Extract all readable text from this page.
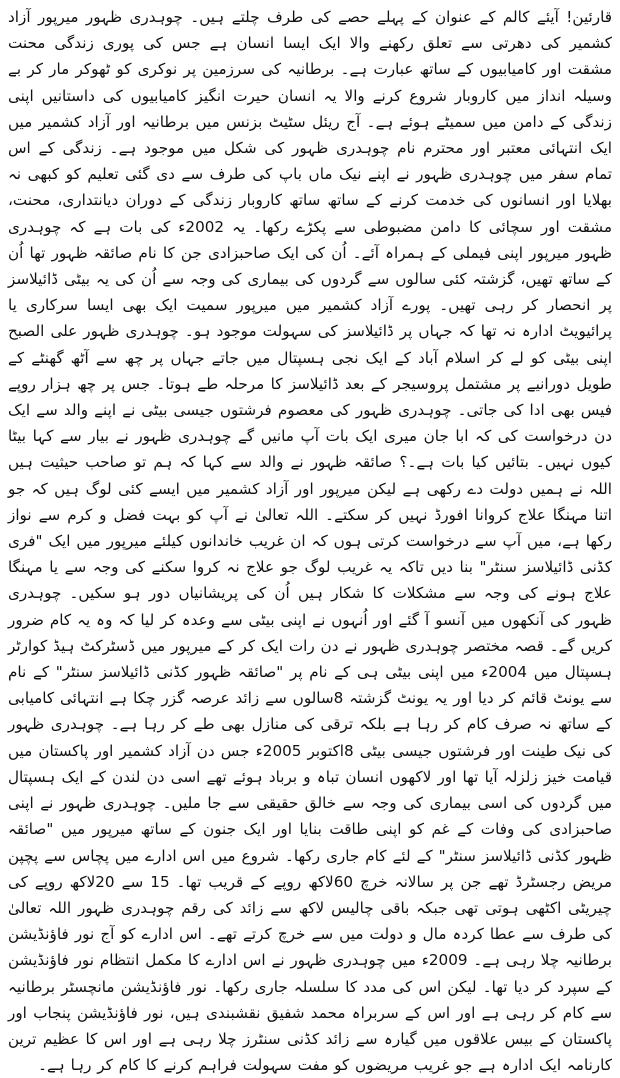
قارئین! آیئے کالم کے عنوان کے پہلے حصے کی طرف چلتے ہیں۔ چوہدری ظہور میرپور آزاد کشمیر کی دھرتی سے تعلق رکھنے والا ایک ایسا انسان ہے جس کی پوری زندگی محنت مشقت اور کامیابیوں کے ساتھ عبارت ہے۔ برطانیہ کی سرزمین پر نوکری کو ٹھوکر مار کر بے وسیلہ انداز میں کاروبار شروع کرنے والا یہ انسان حیرت انگیز کامیابیوں کی داستانیں اپنی زندگی کے دامن میں سمیٹے ہوئے ہے۔ آج ریئل سٹیٹ بزنس میں برطانیہ اور آزاد کشمیر میں ایک انتہائی معتبر اور محترم نام چوہدری ظہور کی شکل میں موجود ہے۔ زندگی کے اس تمام سفر میں چوہدری ظہور نے اپنے نیک ماں باپ کی طرف سے دی گئی تعلیم کو کبھی نہ بھلایا اور انسانوں کی خدمت کرنے کے ساتھ ساتھ کاروبار زندگی کے دوران دیانتداری، محنت، مشقت اور سچائی کا دامن مضبوطی سے پکڑے رکھا۔ یہ 2002ء کی بات ہے کہ چوہدری ظہور میرپور اپنی فیملی کے ہمراہ آئے۔ اُن کی ایک صاحبزادی جن کا نام صائقہ ظہور تھا اُن کے ساتھ تھیں، گزشتہ کئی سالوں سے گردوں کی بیماری کی وجہ سے اُن کی یہ بیٹی ڈائیلاسز پر انحصار کر رہی تھیں۔ پورے آزاد کشمیر میں میرپور سمیت ایک بھی ایسا سرکاری یا پرائیویٹ ادارہ نہ تھا کہ جہاں پر ڈائیلاسز کی سہولت موجود ہو۔ چوہدری ظہور علی الصبح اپنی بیٹی کو لے کر اسلام آباد کے ایک نجی ہسپتال میں جاتے جہاں پر چھ سے آٹھ گھنٹے کے طویل دورانیے پر مشتمل پروسیجر کے بعد ڈائیلاسز کا مرحلہ طے ہوتا۔ جس پر چھ ہزار روپے فیس بھی ادا کی جاتی۔ چوہدری ظہور کی معصوم فرشتوں جیسی بیٹی نے اپنے والد سے ایک دن درخواست کی کہ ابا جان میری ایک بات آپ مانیں گے چوہدری ظہور نے بیار سے کہا بیٹا کیوں نہیں۔ بتائیں کیا بات ہے۔؟ صائقہ ظہور نے والد سے کہا کہ ہم تو صاحب حیثیت ہیں اللہ نے ہمیں دولت دے رکھی ہے لیکن میرپور اور آزاد کشمیر میں ایسے کئی لوگ ہیں کہ جو اتنا مہنگا علاج کروانا افورڈ نہیں کر سکتے۔ اللہ تعالیٰ نے آپ کو بہت فضل و کرم سے نواز رکھا ہے، میں آپ سے درخواست کرتی ہوں کہ ان غریب خاندانوں کیلئے میرپور میں ایک "فری کڈنی ڈائیلاسز سنٹر" بنا دیں تاکہ یہ غریب لوگ جو علاج نہ کروا سکنے کی وجہ سے یا مہنگا علاج ہونے کی وجہ سے مشکلات کا شکار ہیں اُن کی پریشانیاں دور ہو سکیں۔ چوہدری ظہور کی آنکھوں میں آنسو آ گئے اور اُنہوں نے اپنی بیٹی سے وعدہ کر لیا کہ وہ یہ کام ضرور کریں گے۔ قصہ مختصر چوہدری ظہور نے دن رات ایک کر کے میرپور میں ڈسٹرکٹ ہیڈ کوارٹر ہسپتال میں 2004ء میں اپنی بیٹی ہی کے نام پر "صائقہ ظہور کڈنی ڈائیلاسز سنٹر" کے نام سے یونٹ قائم کر دیا اور یہ یونٹ گزشتہ 8سالوں سے زائد عرصہ گزر چکا ہے انتہائی کامیابی کے ساتھ نہ صرف کام کر رہا ہے بلکہ ترقی کی منازل بھی طے کر رہا ہے۔ چوہدری ظہور کی نیک طینت اور فرشتوں جیسی بیٹی 8اکتوبر 2005ء جس دن آزاد کشمیر اور پاکستان میں قیامت خیز زلزلہ آیا تھا اور لاکھوں انسان تباہ و برباد ہوئے تھے اسی دن لندن کے ایک ہسپتال میں گردوں کی اسی بیماری کی وجہ سے خالق حقیقی سے جا ملیں۔ چوہدری ظہور نے اپنی صاحبزادی کی وفات کے غم کو اپنی طاقت بنایا اور ایک جنون کے ساتھ میرپور میں "صائقہ ظہور کڈنی ڈائیلاسز سنٹر" کے لئے کام جاری رکھا۔ شروع میں اس ادارے میں پچاس سے پچپن مریض رجسٹرڈ تھے جن پر سالانہ خرچ 60لاکھ روپے کے قریب تھا۔ 15 سے 20لاکھ روپے کی چیریٹی اکٹھی ہوتی تھی جبکہ باقی چالیس لاکھ سے زائد کی رقم چوہدری ظہور اللہ تعالیٰ کی طرف سے عطا کردہ مال و دولت میں سے خرچ کرتے تھے۔ اس ادارے کو آج نور فاؤنڈیشن برطانیہ چلا رہی ہے۔ 2009ء میں چوہدری ظہور نے اس ادارے کا مکمل انتظام نور فاؤنڈیشن کے سپرد کر دیا تھا۔ لیکن اس کی مدد کا سلسلہ جاری رکھا۔ نور فاؤنڈیشن مانچسٹر برطانیہ سے کام کر رہی ہے اور اس کے سربراہ محمد شفیق نقشبندی ہیں، نور فاؤنڈیشن پنجاب اور پاکستان کے بیس علاقوں میں گیارہ سے زائد کڈنی سنٹرز چلا رہی ہے اور اس کا عظیم ترین کارنامہ ایک ادارہ ہے جو غریب مریضوں کو مفت سہولت فراہم کرنے کا کام کر رہا ہے۔
